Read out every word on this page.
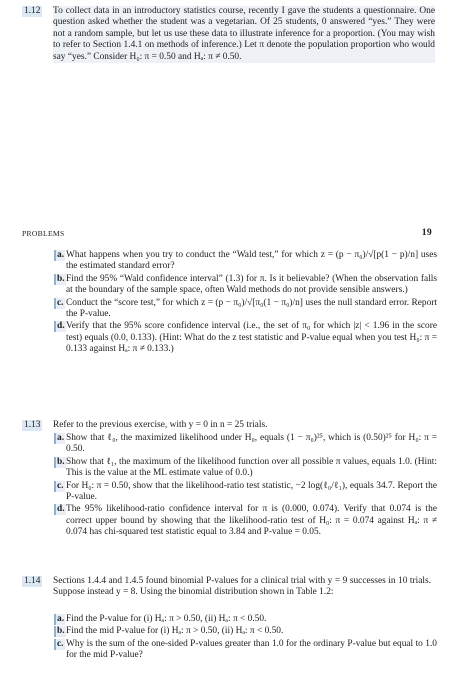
1.12 To collect data in an introductory statistics course, recently I gave the students a questionnaire. One question asked whether the student was a vegetarian. Of 25 students, 0 answered “yes.” They were not a random sample, but let us use these data to illustrate inference for a proportion. (You may wish to refer to Section 1.4.1 on methods of inference.) Let π denote the population proportion who would say “yes.” Consider H₀: π = 0.50 and Hₐ: π ≠ 0.50.
PROBLEMS	19
a. What happens when you try to conduct the “Wald test,” for which z = (p − π₀)/√[p(1 − p)/n] uses the estimated standard error?
b. Find the 95% “Wald confidence interval” (1.3) for π. Is it believable? (When the observation falls at the boundary of the sample space, often Wald methods do not provide sensible answers.)
c. Conduct the “score test,” for which z = (p − π₀)/√[π₀(1 − π₀)/n] uses the null standard error. Report the P-value.
d. Verify that the 95% score confidence interval (i.e., the set of π₀ for which |z| < 1.96 in the score test) equals (0.0, 0.133). (Hint: What do the z test statistic and P-value equal when you test H₀: π = 0.133 against Hₐ: π ≠ 0.133.)
1.13 Refer to the previous exercise, with y = 0 in n = 25 trials.
a. Show that ℓ₀, the maximized likelihood under H₀, equals (1 − π₀)²⁵, which is (0.50)²⁵ for H₀: π = 0.50.
b. Show that ℓ₁, the maximum of the likelihood function over all possible π values, equals 1.0. (Hint: This is the value at the ML estimate value of 0.0.)
c. For H₀: π = 0.50, show that the likelihood-ratio test statistic, −2 log(ℓ₀/ℓ₁), equals 34.7. Report the P-value.
d. The 95% likelihood-ratio confidence interval for π is (0.000, 0.074). Verify that 0.074 is the correct upper bound by showing that the likelihood-ratio test of H₀: π = 0.074 against Hₐ: π ≠ 0.074 has chi-squared test statistic equal to 3.84 and P-value = 0.05.
1.14 Sections 1.4.4 and 1.4.5 found binomial P-values for a clinical trial with y = 9 successes in 10 trials. Suppose instead y = 8. Using the binomial distribution shown in Table 1.2:
a. Find the P-value for (i) Hₐ: π > 0.50, (ii) Hₐ: π < 0.50.
b. Find the mid P-value for (i) Hₐ: π > 0.50, (ii) Hₐ: π < 0.50.
c. Why is the sum of the one-sided P-values greater than 1.0 for the ordinary P-value but equal to 1.0 for the mid P-value?
